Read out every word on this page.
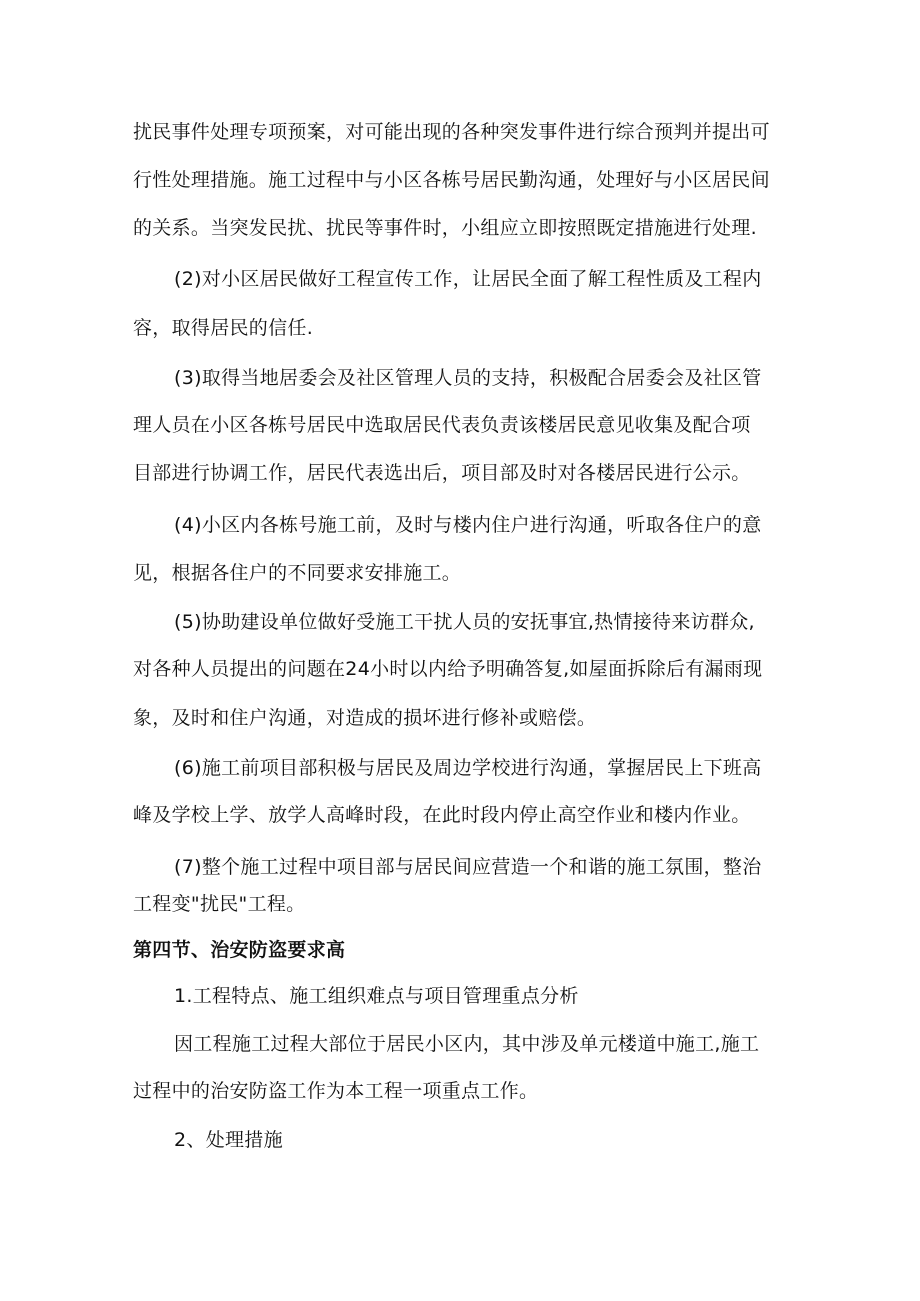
扰民事件处理专项预案，对可能出现的各种突发事件进行综合预判并提出可

行性处理措施。施工过程中与小区各栋号居民勤沟通，处理好与小区居民间

的关系。当突发民扰、扰民等事件时，小组应立即按照既定措施进行处理.

(2)对小区居民做好工程宣传工作，让居民全面了解工程性质及工程内

容，取得居民的信任.

(3)取得当地居委会及社区管理人员的支持，积极配合居委会及社区管

理人员在小区各栋号居民中选取居民代表负责该楼居民意见收集及配合项

目部进行协调工作，居民代表选出后，项目部及时对各楼居民进行公示。

(4)小区内各栋号施工前，及时与楼内住户进行沟通，听取各住户的意

见，根据各住户的不同要求安排施工。

(5)协助建设单位做好受施工干扰人员的安抚事宜,热情接待来访群众,

对各种人员提出的问题在24小时以内给予明确答复,如屋面拆除后有漏雨现

象，及时和住户沟通，对造成的损坏进行修补或赔偿。

(6)施工前项目部积极与居民及周边学校进行沟通，掌握居民上下班高

峰及学校上学、放学人高峰时段，在此时段内停止高空作业和楼内作业。

(7)整个施工过程中项目部与居民间应营造一个和谐的施工氛围，整治

工程变"扰民"工程。

第四节、治安防盗要求高

1.工程特点、施工组织难点与项目管理重点分析

因工程施工过程大部位于居民小区内，其中涉及单元楼道中施工,施工

过程中的治安防盗工作为本工程一项重点工作。

2、处理措施
